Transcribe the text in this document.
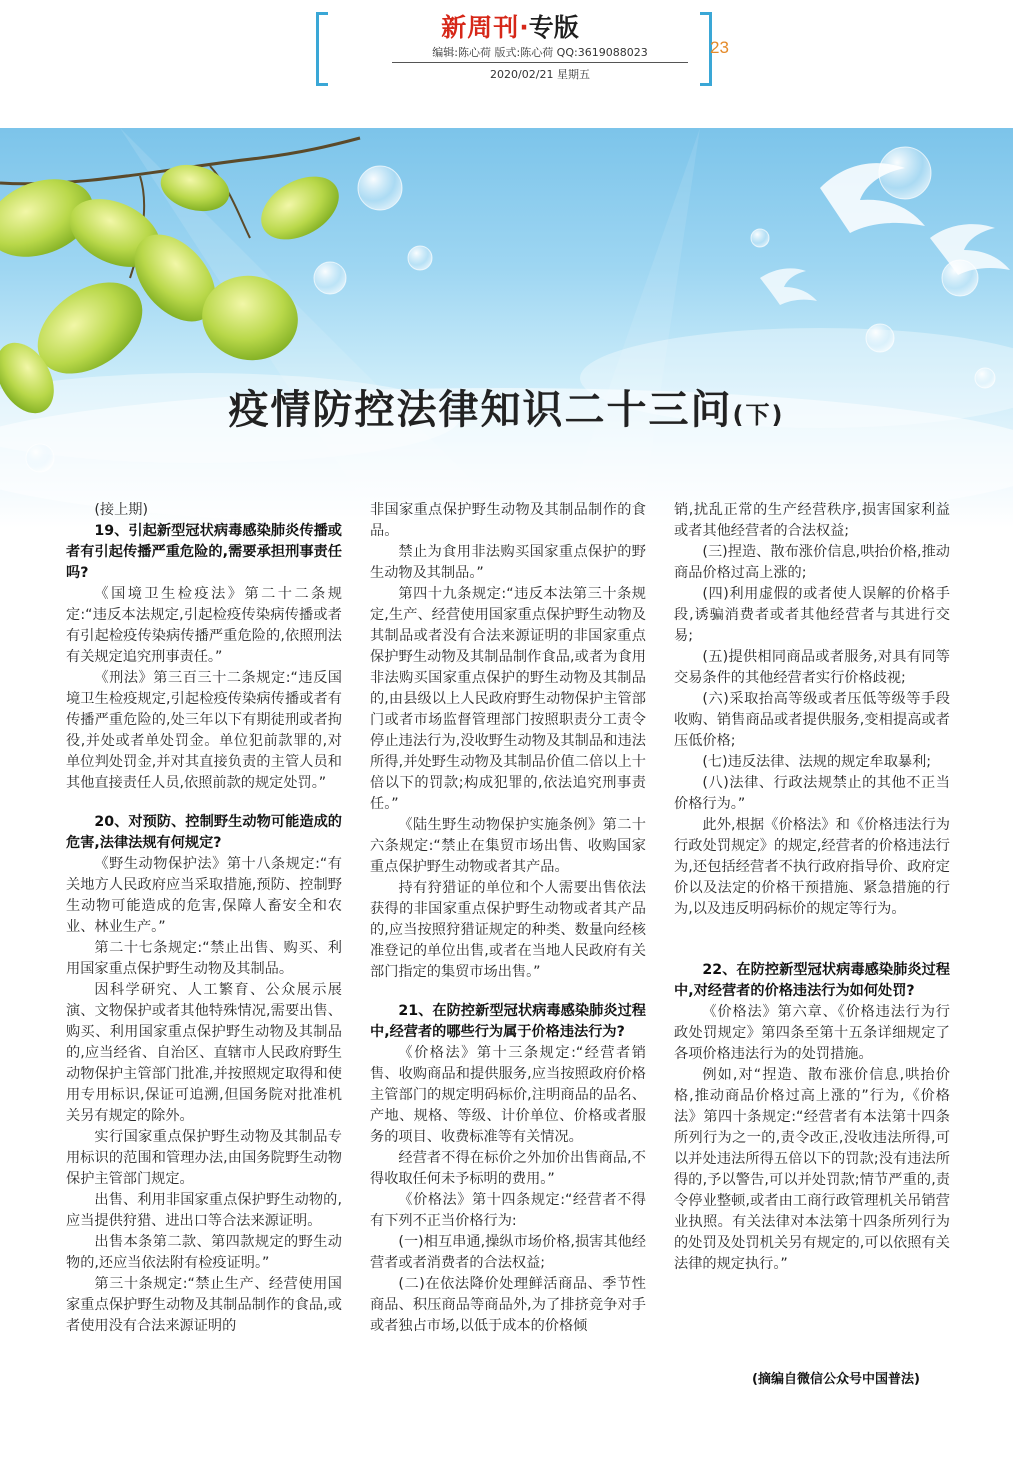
新周刊·专版
编辑:陈心荷 版式:陈心荷 QQ:3619088023
2020/02/21 星期五
23
疫情防控法律知识二十三问(下)

(接上期)

19、引起新型冠状病毒感染肺炎传播或者有引起传播严重危险的,需要承担刑事责任吗?

《国境卫生检疫法》第二十二条规定:“违反本法规定,引起检疫传染病传播或者有引起检疫传染病传播严重危险的,依照刑法有关规定追究刑事责任。”

《刑法》第三百三十二条规定:“违反国境卫生检疫规定,引起检疫传染病传播或者有传播严重危险的,处三年以下有期徒刑或者拘役,并处或者单处罚金。单位犯前款罪的,对单位判处罚金,并对其直接负责的主管人员和其他直接责任人员,依照前款的规定处罚。”

20、对预防、控制野生动物可能造成的危害,法律法规有何规定?

《野生动物保护法》第十八条规定:“有关地方人民政府应当采取措施,预防、控制野生动物可能造成的危害,保障人畜安全和农业、林业生产。”

第二十七条规定:“禁止出售、购买、利用国家重点保护野生动物及其制品。

因科学研究、人工繁育、公众展示展演、文物保护或者其他特殊情况,需要出售、购买、利用国家重点保护野生动物及其制品的,应当经省、自治区、直辖市人民政府野生动物保护主管部门批准,并按照规定取得和使用专用标识,保证可追溯,但国务院对批准机关另有规定的除外。

实行国家重点保护野生动物及其制品专用标识的范围和管理办法,由国务院野生动物保护主管部门规定。

出售、利用非国家重点保护野生动物的,应当提供狩猎、进出口等合法来源证明。

出售本条第二款、第四款规定的野生动物的,还应当依法附有检疫证明。”

第三十条规定:“禁止生产、经营使用国家重点保护野生动物及其制品制作的食品,或者使用没有合法来源证明的

非国家重点保护野生动物及其制品制作的食品。

禁止为食用非法购买国家重点保护的野生动物及其制品。”

第四十九条规定:“违反本法第三十条规定,生产、经营使用国家重点保护野生动物及其制品或者没有合法来源证明的非国家重点保护野生动物及其制品制作食品,或者为食用非法购买国家重点保护的野生动物及其制品的,由县级以上人民政府野生动物保护主管部门或者市场监督管理部门按照职责分工责令停止违法行为,没收野生动物及其制品和违法所得,并处野生动物及其制品价值二倍以上十倍以下的罚款;构成犯罪的,依法追究刑事责任。”

《陆生野生动物保护实施条例》第二十六条规定:“禁止在集贸市场出售、收购国家重点保护野生动物或者其产品。

持有狩猎证的单位和个人需要出售依法获得的非国家重点保护野生动物或者其产品的,应当按照狩猎证规定的种类、数量向经核准登记的单位出售,或者在当地人民政府有关部门指定的集贸市场出售。”

21、在防控新型冠状病毒感染肺炎过程中,经营者的哪些行为属于价格违法行为?

《价格法》第十三条规定:“经营者销售、收购商品和提供服务,应当按照政府价格主管部门的规定明码标价,注明商品的品名、产地、规格、等级、计价单位、价格或者服务的项目、收费标准等有关情况。

经营者不得在标价之外加价出售商品,不得收取任何未予标明的费用。”

《价格法》第十四条规定:“经营者不得有下列不正当价格行为:

(一)相互串通,操纵市场价格,损害其他经营者或者消费者的合法权益;

(二)在依法降价处理鲜活商品、季节性商品、积压商品等商品外,为了排挤竞争对手或者独占市场,以低于成本的价格倾

销,扰乱正常的生产经营秩序,损害国家利益或者其他经营者的合法权益;

(三)捏造、散布涨价信息,哄抬价格,推动商品价格过高上涨的;

(四)利用虚假的或者使人误解的价格手段,诱骗消费者或者其他经营者与其进行交易;

(五)提供相同商品或者服务,对具有同等交易条件的其他经营者实行价格歧视;

(六)采取抬高等级或者压低等级等手段收购、销售商品或者提供服务,变相提高或者压低价格;

(七)违反法律、法规的规定牟取暴利;

(八)法律、行政法规禁止的其他不正当价格行为。”

此外,根据《价格法》和《价格违法行为行政处罚规定》的规定,经营者的价格违法行为,还包括经营者不执行政府指导价、政府定价以及法定的价格干预措施、紧急措施的行为,以及违反明码标价的规定等行为。

22、在防控新型冠状病毒感染肺炎过程中,对经营者的价格违法行为如何处罚?

《价格法》第六章、《价格违法行为行政处罚规定》第四条至第十五条详细规定了各项价格违法行为的处罚措施。

例如,对“捏造、散布涨价信息,哄抬价格,推动商品价格过高上涨的”行为,《价格法》第四十条规定:“经营者有本法第十四条所列行为之一的,责令改正,没收违法所得,可以并处违法所得五倍以下的罚款;没有违法所得的,予以警告,可以并处罚款;情节严重的,责令停业整顿,或者由工商行政管理机关吊销营业执照。有关法律对本法第十四条所列行为的处罚及处罚机关另有规定的,可以依照有关法律的规定执行。”

(摘编自微信公众号中国普法)
